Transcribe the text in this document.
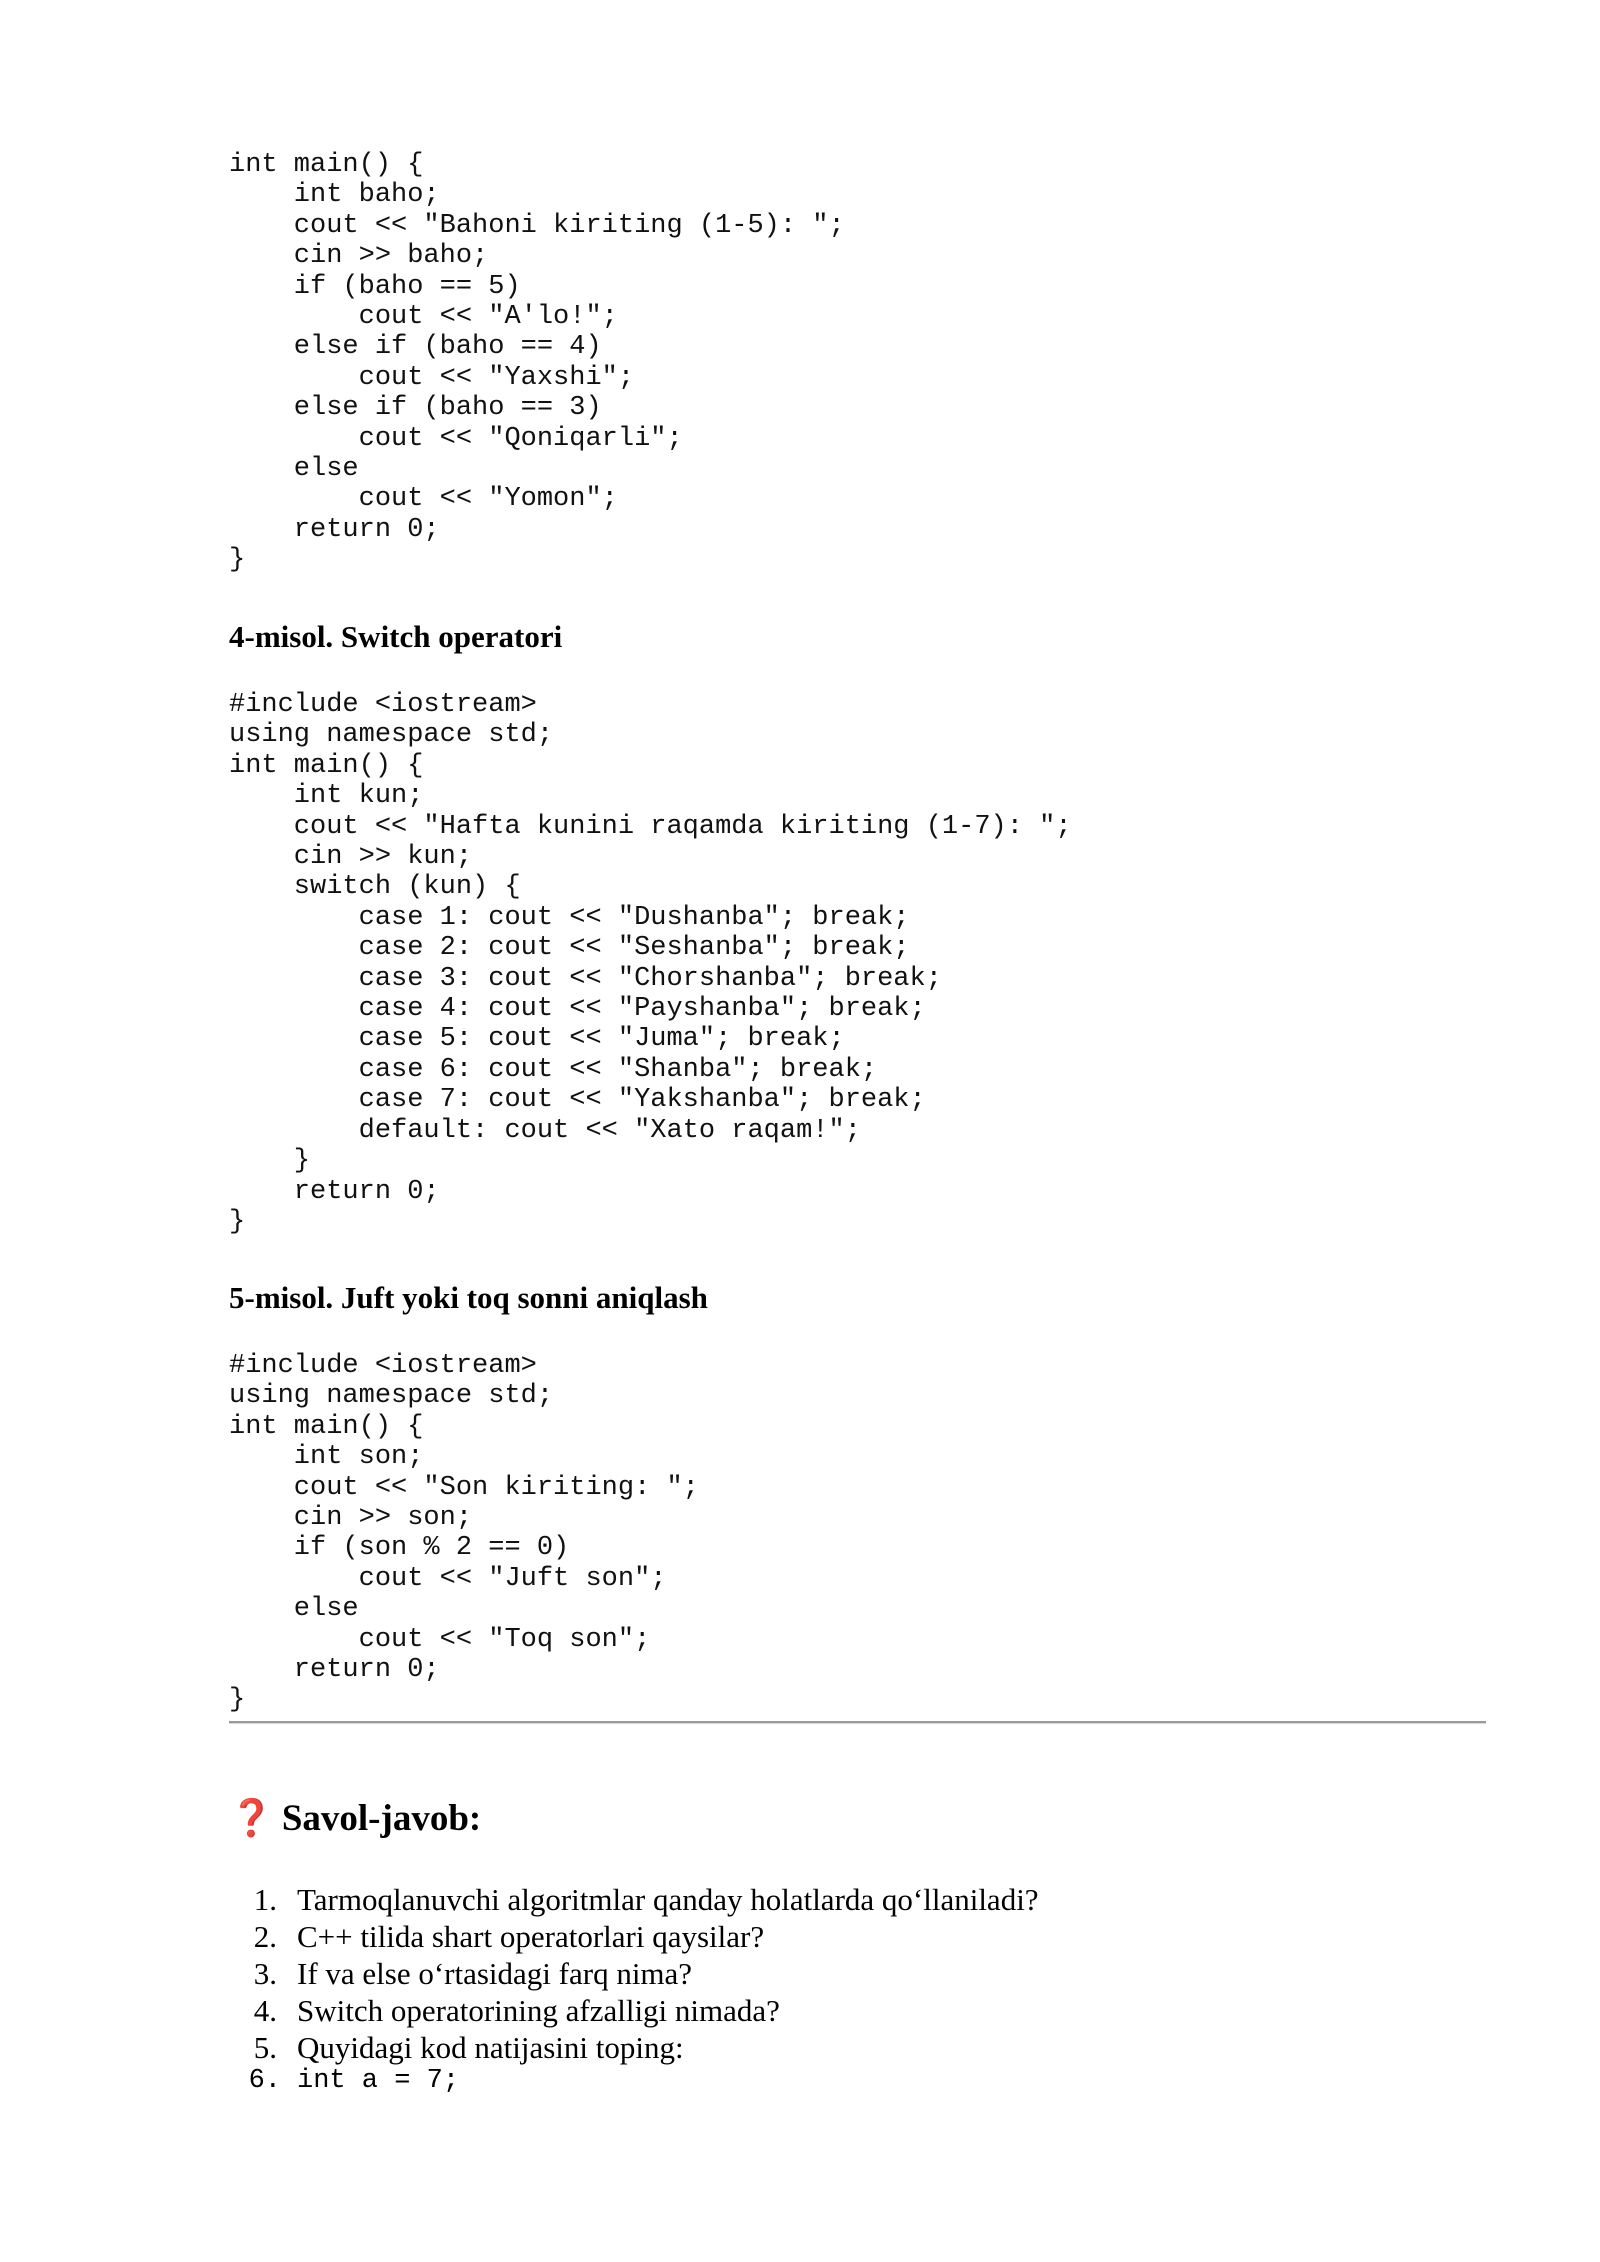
int main() {
int baho;
cout << "Bahoni kiriting (1-5): ";
cin >> baho;
if (baho == 5)
cout << "A'lo!";
else if (baho == 4)
cout << "Yaxshi";
else if (baho == 3)
cout << "Qoniqarli";
else
cout << "Yomon";
return 0;
}
4-misol. Switch operatori
#include <iostream>
using namespace std;
int main() {
int kun;
cout << "Hafta kunini raqamda kiriting (1-7): ";
cin >> kun;
switch (kun) {
case 1: cout << "Dushanba"; break;
case 2: cout << "Seshanba"; break;
case 3: cout << "Chorshanba"; break;
case 4: cout << "Payshanba"; break;
case 5: cout << "Juma"; break;
case 6: cout << "Shanba"; break;
case 7: cout << "Yakshanba"; break;
default: cout << "Xato raqam!";
}
return 0;
}
5-misol. Juft yoki toq sonni aniqlash
#include <iostream>
using namespace std;
int main() {
int son;
cout << "Son kiriting: ";
cin >> son;
if (son % 2 == 0)
cout << "Juft son";
else
cout << "Toq son";
return 0;
}
❓ Savol-javob:
1. Tarmoqlanuvchi algoritmlar qanday holatlarda qo‘llaniladi?
2. C++ tilida shart operatorlari qaysilar?
3. If va else o‘rtasidagi farq nima?
4. Switch operatorining afzalligi nimada?
5. Quyidagi kod natijasini toping:
6. int a = 7;
